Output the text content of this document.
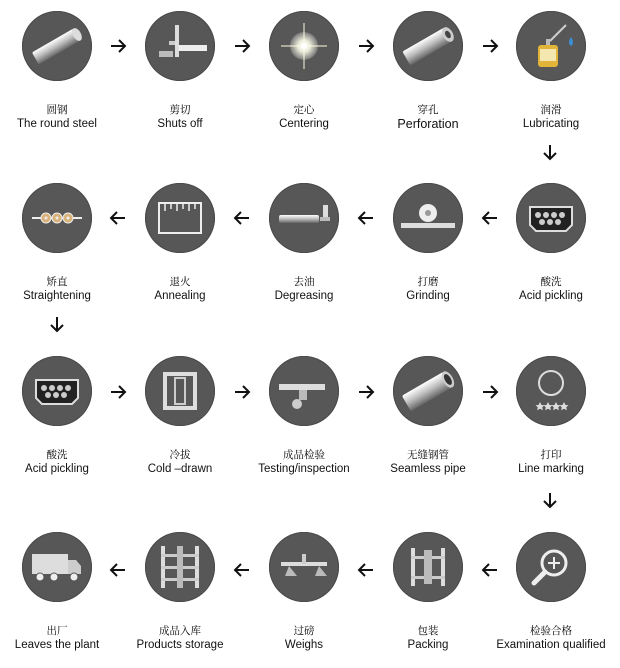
圆钢
The round steel
剪切
Shuts off
定心
Centering
穿孔
Perforation
润滑
Lubricating
酸洗
Acid pickling
打磨
Grinding
去油
Degreasing
退火
Annealing
矫直
Straightening
酸洗
Acid pickling
冷拔
Cold –drawn
成品检验
Testing/inspection
无缝钢管
Seamless pipe
打印
Line marking
检验合格
Examination qualified
包装
Packing
过磅
Weighs
成品入库
Products storage
出厂
Leaves the plant
